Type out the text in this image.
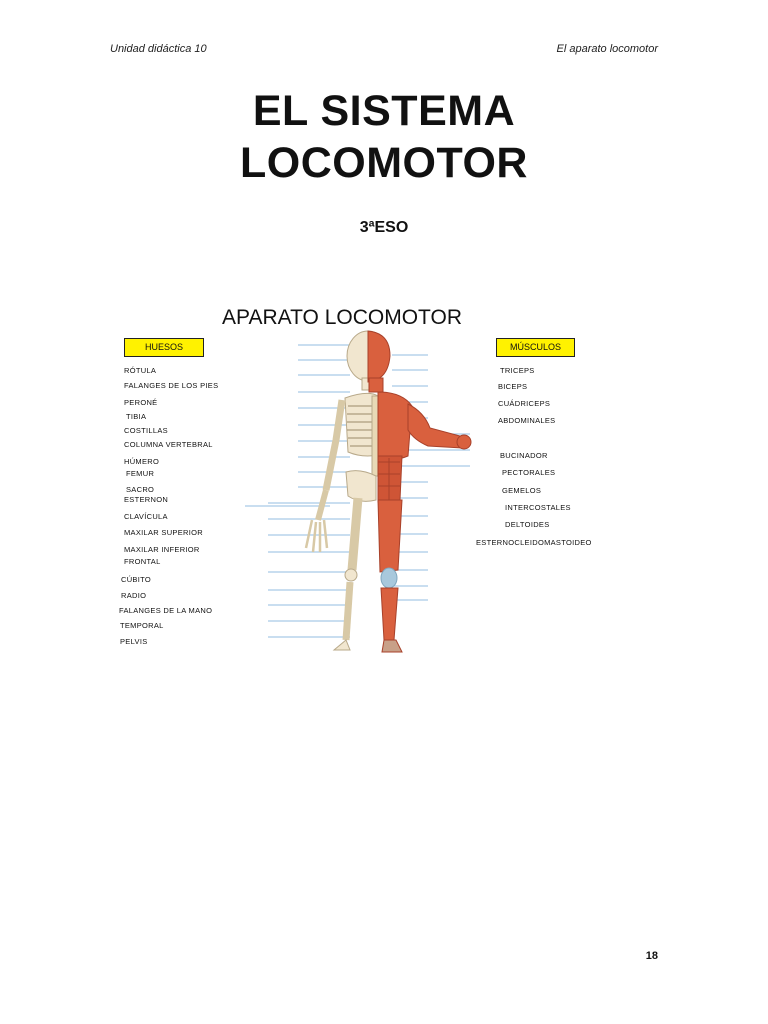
Unidad didáctica 10	El aparato locomotor
EL SISTEMA
LOCOMOTOR
3ªESO
APARATO LOCOMOTOR
HUESOS	MÚSCULOS
RÓTULA
FALANGES DE LOS PIES
PERONÉ
TIBIA
COSTILLAS
COLUMNA VERTEBRAL
HÚMERO
FEMUR
SACRO
ESTERNON
CLAVÍCULA
MAXILAR SUPERIOR
MAXILAR INFERIOR
FRONTAL
CÚBITO
RADIO
FALANGES DE LA MANO
TEMPORAL
PELVIS
TRICEPS
BICEPS
CUÁDRICEPS
ABDOMINALES
BUCINADOR
PECTORALES
GEMELOS
INTERCOSTALES
DELTOIDES
ESTERNOCLEIDOMASTOIDEO
18
